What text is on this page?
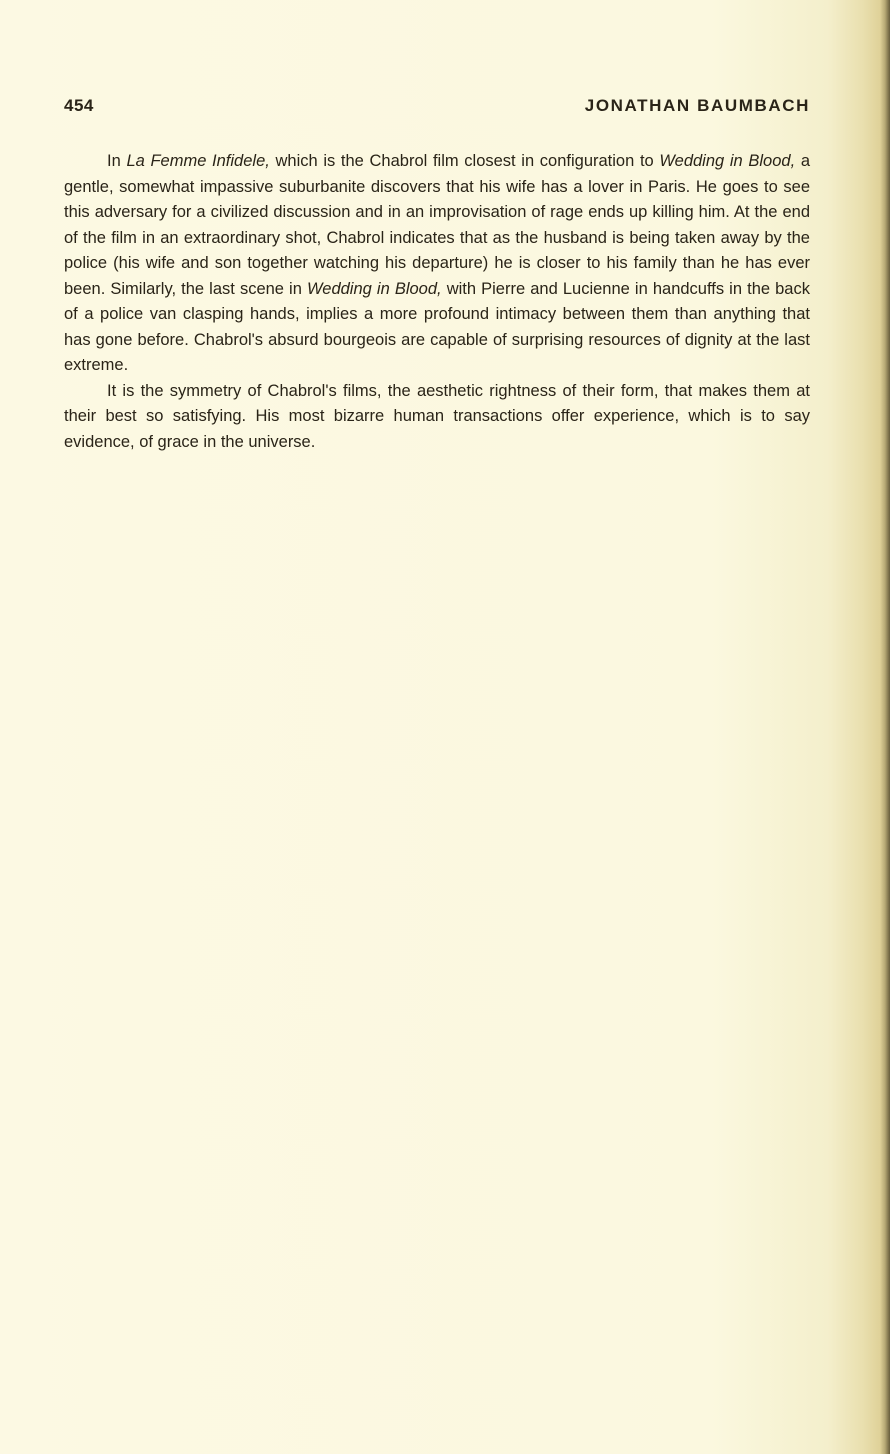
454	JONATHAN BAUMBACH

In La Femme Infidele, which is the Chabrol film closest in configuration to Wedding in Blood, a gentle, somewhat impassive suburbanite discovers that his wife has a lover in Paris. He goes to see this adversary for a civilized discussion and in an improvisation of rage ends up killing him. At the end of the film in an extraordinary shot, Chabrol indicates that as the husband is being taken away by the police (his wife and son together watching his departure) he is closer to his family than he has ever been. Similarly, the last scene in Wedding in Blood, with Pierre and Lucienne in handcuffs in the back of a police van clasping hands, implies a more profound intimacy between them than anything that has gone before. Chabrol's absurd bourgeois are capable of surprising resources of dignity at the last extreme.

It is the symmetry of Chabrol's films, the aesthetic rightness of their form, that makes them at their best so satisfying. His most bizarre human transactions offer experience, which is to say evidence, of grace in the universe.
